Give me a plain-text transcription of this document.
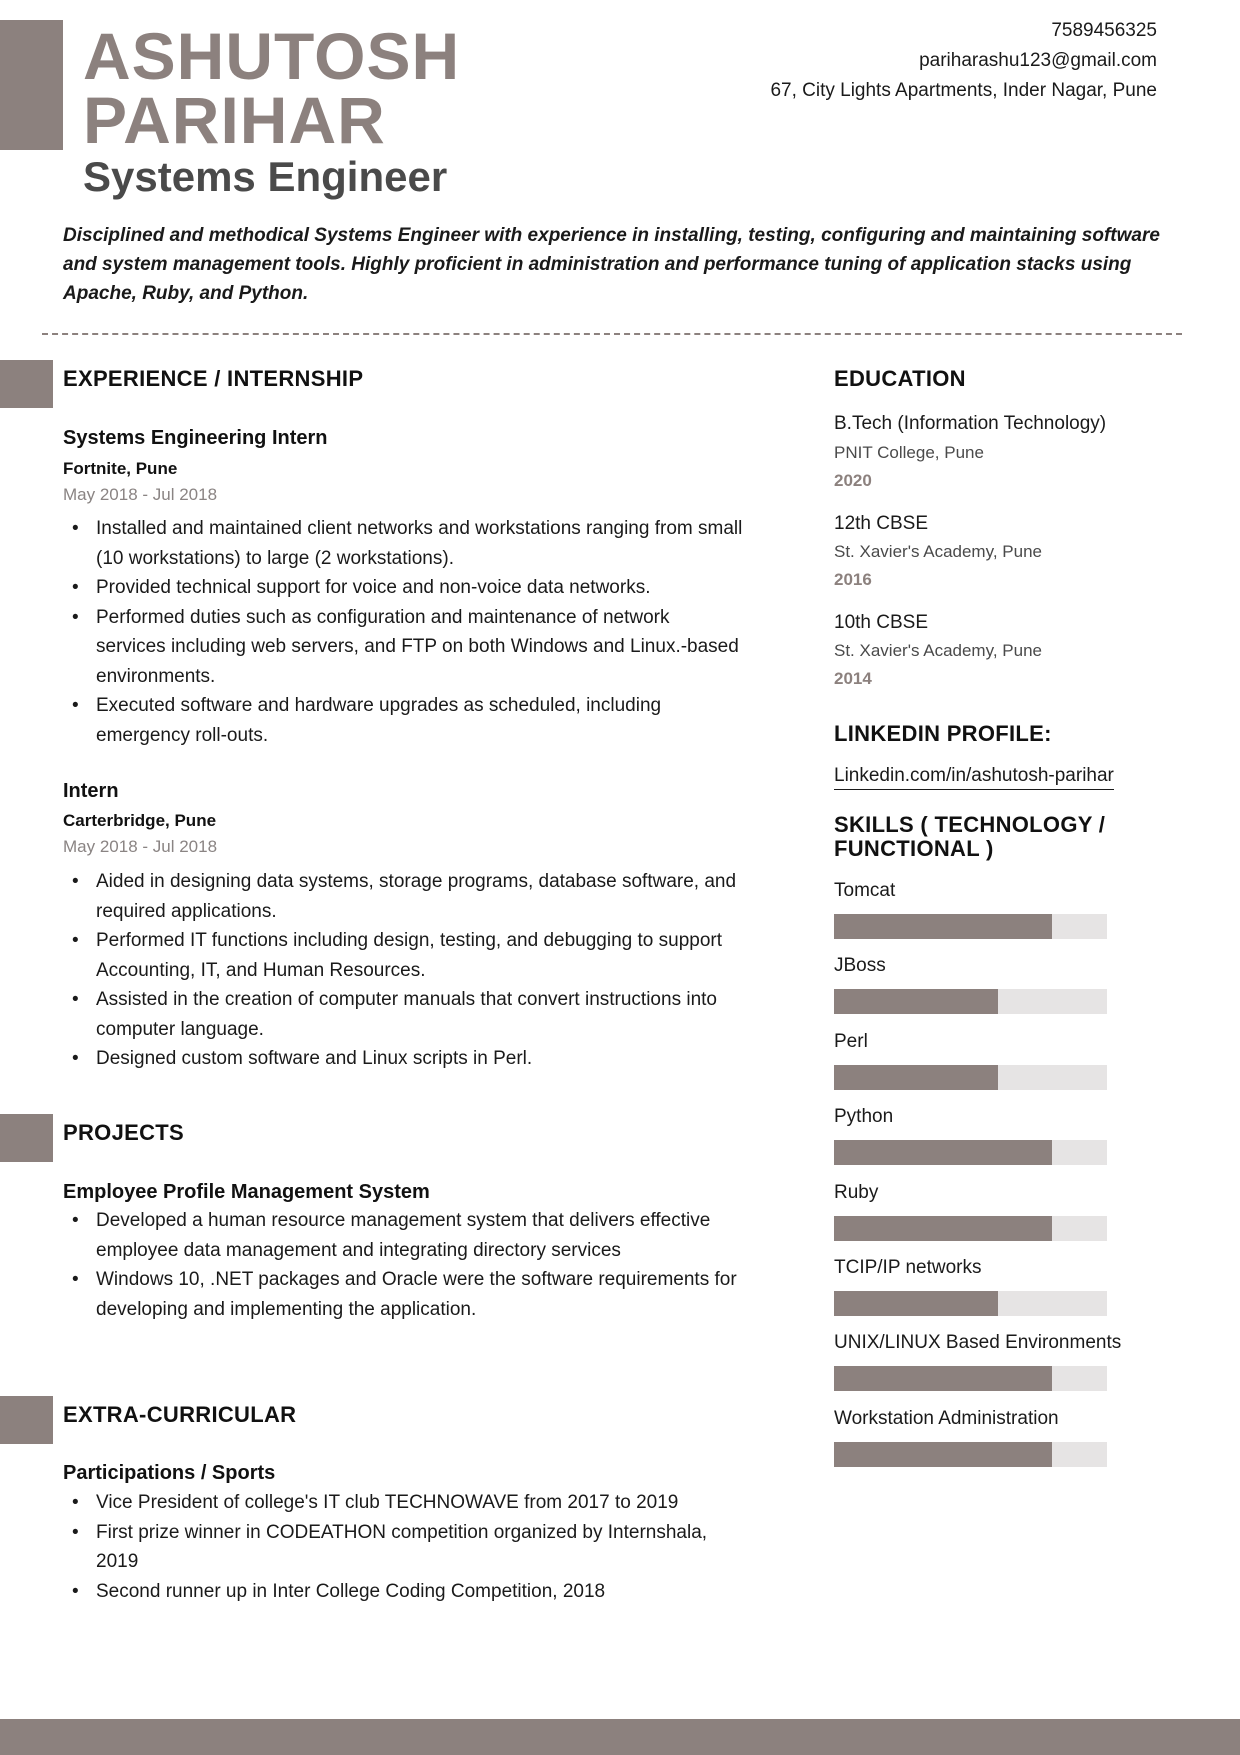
ASHUTOSH
PARIHAR
Systems Engineer
7589456325
pariharashu123@gmail.com
67, City Lights Apartments, Inder Nagar, Pune
Disciplined and methodical Systems Engineer with experience in installing, testing, configuring and maintaining software and system management tools. Highly proficient in administration and performance tuning of application stacks using Apache, Ruby, and Python.
EXPERIENCE / INTERNSHIP
Systems Engineering Intern
Fortnite, Pune
May 2018 - Jul 2018
• Installed and maintained client networks and workstations ranging from small (10 workstations) to large (2 workstations).
• Provided technical support for voice and non-voice data networks.
• Performed duties such as configuration and maintenance of network services including web servers, and FTP on both Windows and Linux.-based environments.
• Executed software and hardware upgrades as scheduled, including emergency roll-outs.
Intern
Carterbridge, Pune
May 2018 - Jul 2018
• Aided in designing data systems, storage programs, database software, and required applications.
• Performed IT functions including design, testing, and debugging to support Accounting, IT, and Human Resources.
• Assisted in the creation of computer manuals that convert instructions into computer language.
• Designed custom software and Linux scripts in Perl.
PROJECTS
Employee Profile Management System
• Developed a human resource management system that delivers effective employee data management and integrating directory services
• Windows 10, .NET packages and Oracle were the software requirements for developing and implementing the application.
EXTRA-CURRICULAR
Participations / Sports
• Vice President of college's IT club TECHNOWAVE from 2017 to 2019
• First prize winner in CODEATHON competition organized by Internshala, 2019
• Second runner up in Inter College Coding Competition, 2018
EDUCATION
B.Tech (Information Technology)
PNIT College, Pune
2020
12th CBSE
St. Xavier's Academy, Pune
2016
10th CBSE
St. Xavier's Academy, Pune
2014
LINKEDIN PROFILE:
Linkedin.com/in/ashutosh-parihar
SKILLS ( TECHNOLOGY /
FUNCTIONAL )
Tomcat
JBoss
Perl
Python
Ruby
TCIP/IP networks
UNIX/LINUX Based Environments
Workstation Administration
